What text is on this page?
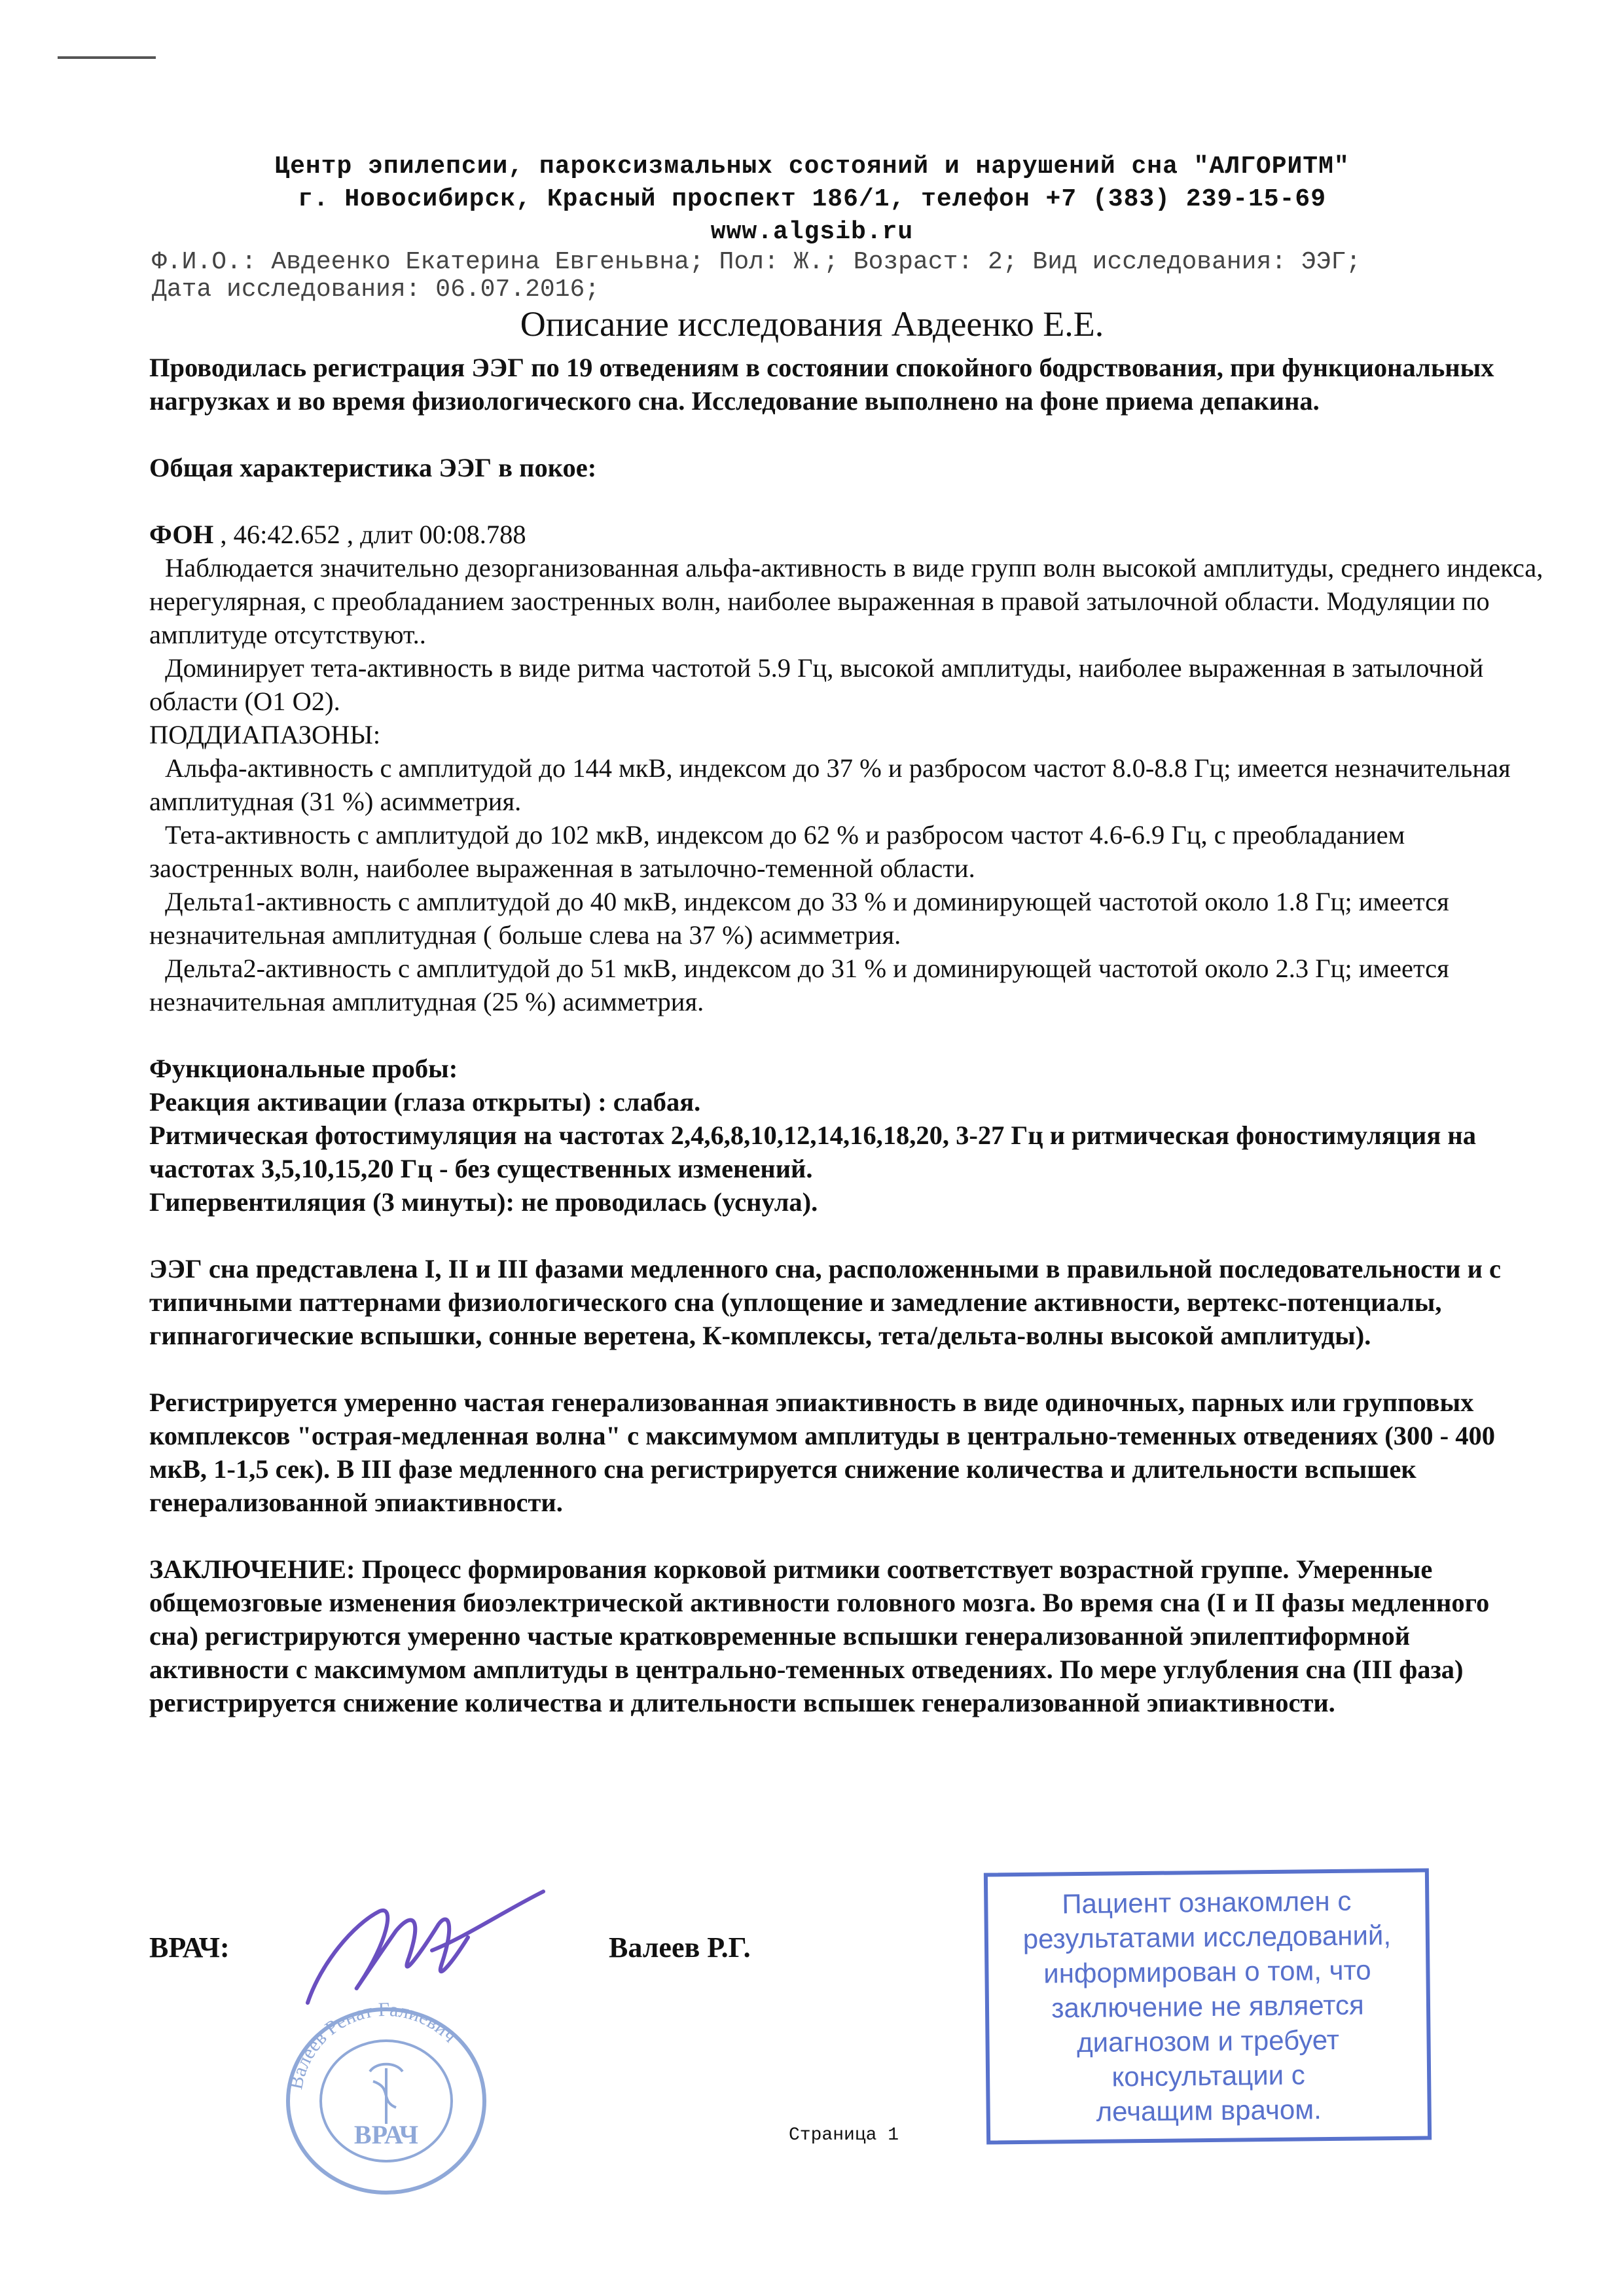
Центр эпилепсии, пароксизмальных состояний и нарушений сна "АЛГОРИТМ"
г. Новосибирск, Красный проспект 186/1, телефон +7 (383) 239-15-69
www.algsib.ru
Ф.И.О.: Авдеенко Екатерина Евгеньвна; Пол: Ж.; Возраст: 2; Вид исследования: ЭЭГ;
Дата исследования: 06.07.2016;
Описание исследования Авдеенко Е.Е.

Проводилась регистрация ЭЭГ по 19 отведениям в состоянии спокойного бодрствования, при функциональных нагрузках и во время физиологического сна. Исследование выполнено на фоне приема депакина.

Общая характеристика ЭЭГ в покое:

ФОН , 46:42.652 , длит 00:08.788

Наблюдается значительно дезорганизованная альфа-активность в виде групп волн высокой амплитуды, среднего индекса, нерегулярная, с преобладанием заостренных волн, наиболее выраженная в правой затылочной области. Модуляции по амплитуде отсутствуют..

Доминирует тета-активность в виде ритма частотой 5.9 Гц, высокой амплитуды, наиболее выраженная в затылочной области (O1 O2).

ПОДДИАПАЗОНЫ:

Альфа-активность с амплитудой до 144 мкВ, индексом до 37 % и разбросом частот 8.0-8.8 Гц; имеется незначительная амплитудная (31 %) асимметрия.

Тета-активность с амплитудой до 102 мкВ, индексом до 62 % и разбросом частот 4.6-6.9 Гц, с преобладанием заостренных волн, наиболее выраженная в затылочно-теменной области.

Дельта1-активность с амплитудой до 40 мкВ, индексом до 33 % и доминирующей частотой около 1.8 Гц; имеется незначительная амплитудная ( больше слева на 37 %) асимметрия.

Дельта2-активность с амплитудой до 51 мкВ, индексом до 31 % и доминирующей частотой около 2.3 Гц; имеется незначительная амплитудная (25 %) асимметрия.

Функциональные пробы:

Реакция активации (глаза открыты) : слабая.

Ритмическая фотостимуляция на частотах 2,4,6,8,10,12,14,16,18,20, 3-27 Гц и ритмическая фоностимуляция на частотах 3,5,10,15,20 Гц - без существенных изменений.

Гипервентиляция (3 минуты): не проводилась (уснула).

ЭЭГ сна представлена I, II и III фазами медленного сна, расположенными в правильной последовательности и с типичными паттернами физиологического сна (уплощение и замедление активности, вертекс-потенциалы, гипнагогические вспышки, сонные веретена, К-комплексы, тета/дельта-волны высокой амплитуды).

Регистрируется умеренно частая генерализованная эпиактивность в виде одиночных, парных или групповых комплексов "острая-медленная волна" с максимумом амплитуды в центрально-теменных отведениях (300 - 400 мкВ, 1-1,5 сек). В III фазе медленного сна регистрируется снижение количества и длительности вспышек генерализованной эпиактивности.

ЗАКЛЮЧЕНИЕ: Процесс формирования корковой ритмики соответствует возрастной группе. Умеренные общемозговые изменения биоэлектрической активности головного мозга. Во время сна (I и II фазы медленного сна) регистрируются умеренно частые кратковременные вспышки генерализованной эпилептиформной активности с максимумом амплитуды в центрально-теменных отведениях. По мере углубления сна (III фаза) регистрируется снижение количества и длительности вспышек генерализованной эпиактивности.

ВРАЧ:	Валеев Р.Г.
Валеев Ренат Галиевич
ВРАЧ	Страница 1
Пациент ознакомлен с
результатами исследований,
информирован о том, что
заключение не является
диагнозом и требует
консультации с
лечащим врачом.
